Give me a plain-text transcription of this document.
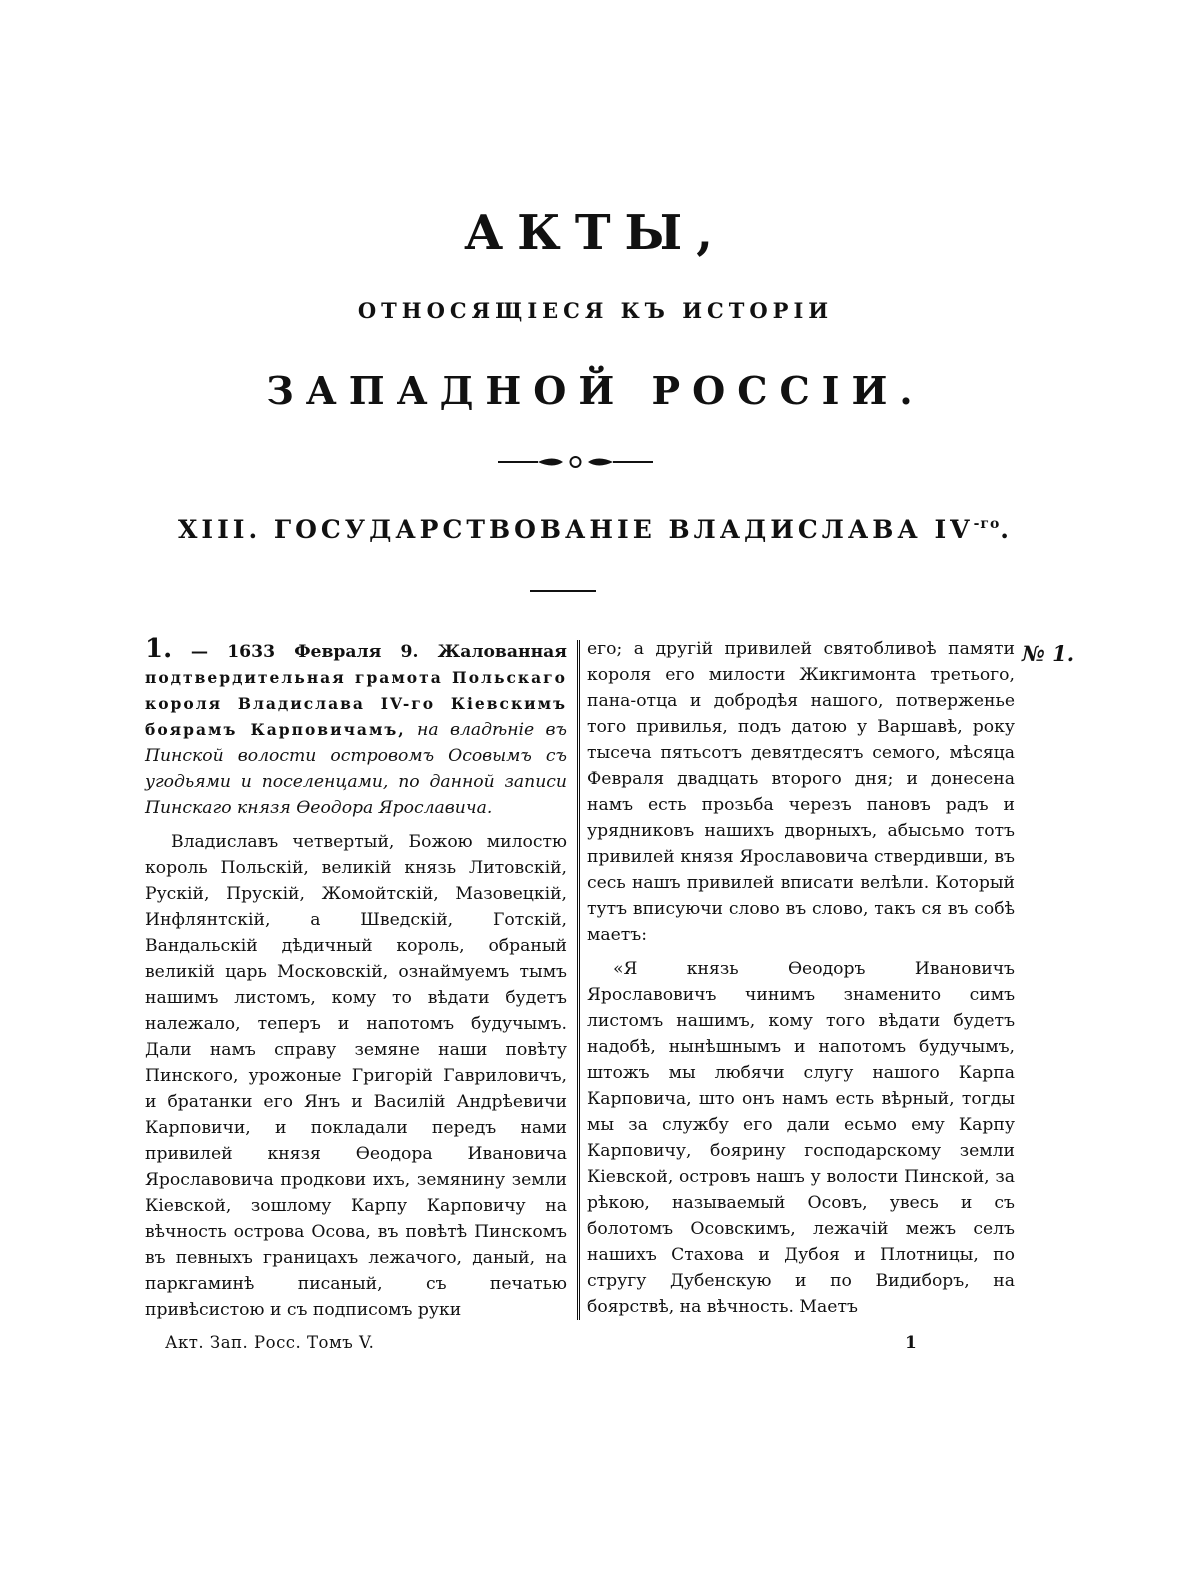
АКТЫ,
ОТНОСЯЩІЕСЯ КЪ ИСТОРІИ
ЗАПАДНОЙ РОССІИ.
XIII. ГОСУДАРСТВОВАНІЕ ВЛАДИСЛАВА $IV^{-го}$.

1. — 1633 Февраля 9. Жалованная подтвердительная грамота Польскаго короля Владислава IV-го Кіевскимъ боярамъ Карповичамъ, на владѣніе въ Пинской волости островомъ Осовымъ съ угодьями и поселенцами, по данной записи Пинскаго князя Ѳеодора Ярославича.

Владиславъ четвертый, Божою милостю король Польскій, великій князь Литовскій, Рускій, Прускій, Жомойтскій, Мазовецкій, Инфлянтскій, а Шведскій, Готскій, Вандальскій дѣдичный король, обраный великій царь Московскій, ознаймуемъ тымъ нашимъ листомъ, кому то вѣдати будетъ належало, теперъ и напотомъ будучымъ. Дали намъ справу земяне наши повѣту Пинского, урожоные Григорій Гавриловичъ, и братанки его Янъ и Василій Андрѣевичи Карповичи, и покладали передъ нами привилей князя Ѳеодора Ивановича Ярославовича продкови ихъ, земянину земли Кіевской, зошлому Карпу Карповичу на вѣчность острова Осова, въ повѣтѣ Пинскомъ въ певныхъ границахъ лежачого, даный, на паркгаминѣ писаный, съ печатью привѣсистою и съ подписомъ руки

его; а другій привилей святобливоѣ памяти короля его милости Жикгимонта третього, пана-отца и добродѣя нашого, потверженье того привилья, подъ датою у Варшавѣ, року тысеча пятьсотъ девятдесятъ семого, мѣсяца Февраля двадцать второго дня; и донесена намъ есть прозьба черезъ пановъ радъ и урядниковъ нашихъ дворныхъ, абысьмо тотъ привилей князя Ярославовича ствердивши, въ сесь нашъ привилей вписати велѣли. Который тутъ вписуючи слово въ слово, такъ ся въ собѣ маетъ:

«Я князь Ѳеодоръ Ивановичъ Ярославовичъ чинимъ знаменито симъ листомъ нашимъ, кому того вѣдати будетъ надобѣ, нынѣшнымъ и напотомъ будучымъ, штожъ мы любячи слугу нашого Карпа Карповича, што онъ намъ есть вѣрный, тогды мы за службу его дали есьмо ему Карпу Карповичу, боярину господарскому земли Кіевской, островъ нашъ у волости Пинской, за рѣкою, называемый Осовъ, увесь и съ болотомъ Осовскимъ, лежачій межъ селъ нашихъ Стахова и Дубоя и Плотницы, по стругу Дубенскую и по Видиборъ, на боярствѣ, на вѣчность. Маетъ

№ 1.
Акт. Зап. Росс. Томъ V.	1
